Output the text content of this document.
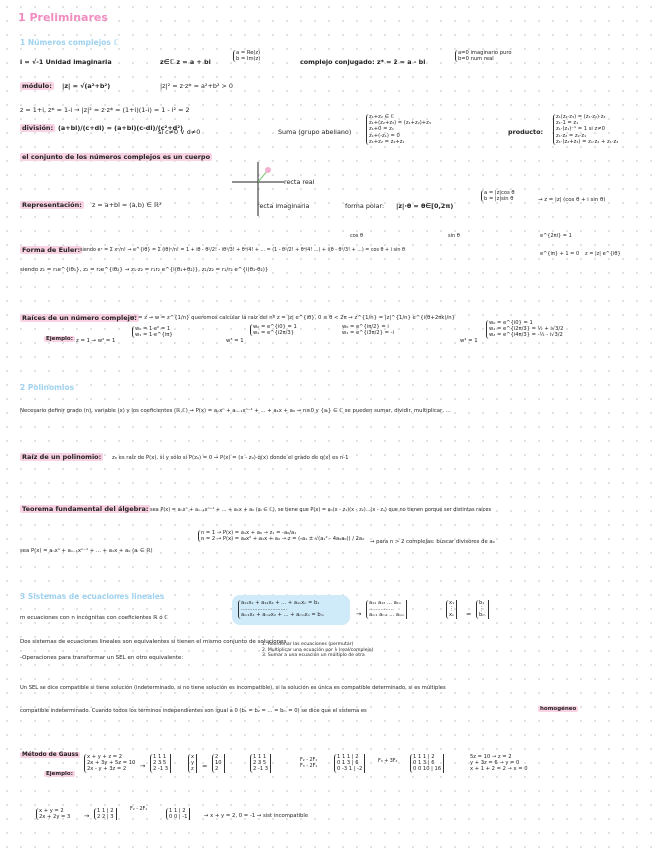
1 Preliminares
1 Números complejos ℂ
i = √-1 Unidad imaginaria	z∈ℂ z = a + bi
a = Re(z)
b = Im(z)	complejo conjugado: z* = z̄ = a - bi
a=0 imaginario puro
b=0 num real
módulo:	|z| = √(a²+b²)	|z|² = z·z* = a²+b² > 0
z = 1+i, z* = 1-i → |z|² = z·z* = (1+i)(1-i) = 1 - i² = 2
división: (a+bi)/(c+di) = (a+bi)(c-di)/(c²+d²)
si c≠0 ∨ d≠0	Suma (grupo abeliano)
z₁+z₂ ∈ ℂ
z₁+(z₂+z₃) = (z₁+z₂)+z₃
z₁+0 = z₁
z₁+(-z₁) = 0
z₁+z₂ = z₂+z₁
producto:
z₁(z₂·z₃) = (z₁·z₂)·z₃
z₁·1 = z₁
z₁·(z₁)⁻¹ = 1 si z≠0
z₁·z₂ = z₂·z₁
z₁·(z₂+z₃) = z₁·z₂ + z₁·z₃
el conjunto de los números complejos es un cuerpo
recta real
recta imaginaria
Representación:	z = a+bi = (a,b) ∈ ℝ²	forma polar: |z|·θ = θ∈[0,2π)
a = |z|cos θ
b = |z|sin θ	→ z = |z| (cos θ + i sin θ)
cos θ	sin θ
Forma de Euler: siendo eˣ = Σ xⁿ/n! → e^{iθ} = Σ (iθ)ⁿ/n! = 1 + iθ - θ²/2! - iθ³/3! + θ⁴/4! + ... = (1 - θ²/2! + θ⁴/4! ...) + i(θ - θ³/3! + ...) = cos θ + i sin θ
e^{2πi} = 1
e^{iπ} + 1 = 0 z = |z| e^{iθ}
siendo z₁ = r₁e^{iθ₁}, z₂ = r₂e^{iθ₂} → z₁·z₂ = r₁r₂ e^{i(θ₁+θ₂)}, z₁/z₂ = r₁/r₂ e^{i(θ₁-θ₂)}
Raíces de un número complejo:
wⁿ = z → w = z^{1/n} queremos calcular la raíz del nº z = |z| e^{iθ}, 0 ≤ θ < 2π → z^{1/n} = |z|^{1/n} e^{i(θ+2πk)/n}
Ejemplo: z = 1 → w² = 1
w₀ = 1·e⁰ = 1
w₁ = 1·e^{iπ}
w³ = 1
w₀ = e^{i0} = 1
w₁ = e^{i2π/3}
w₀ = e^{iπ/2} = i
w₁ = e^{i3π/2} = -i
w⁴ = 1
w₀ = e^{i0} = 1
w₁ = e^{i2π/3} = ½ + i√3/2
w₂ = e^{i4π/3} = -½ - i√3/2
2 Polinomios
Necesario definir grado (n), variable (x) y los coeficientes (ℝ,ℂ) → P(x) = aₙxⁿ + aₙ₋₁xⁿ⁻¹ + ... + a₁x + a₀ → n≥0 y {aᵢ} ∈ ℂ se pueden sumar, dividir, multiplicar, ...
Raíz de un polinomio:	z₀ es raíz de P(x), sí y solo sí P(z₀) = 0 → P(x) = (x - z₀)·q(x) donde el grado de q(x) es n-1
Teorema fundamental del álgebra: sea P(x) = aₙxⁿ + aₙ₋₁xⁿ⁻¹ + ... + a₁x + a₀ (aᵢ ∈ ℂ), se tiene que P(x) = aₙ(x - z₁)(x - z₂)...(x - zₙ) que no tienen porqué ser distintas raíces
sea P(x) = aₙxⁿ + aₙ₋₁xⁿ⁻¹ + ... + a₁x + a₀ (aᵢ ∈ ℝ)
n = 1 → P(x) = a₁x + a₀ → z₁ = -a₀/a₁
n = 2 → P(x) = a₂x² + a₁x + a₀ → z = (-a₁ ± √(a₁² - 4a₂a₀)) / 2a₂ → para n > 2 complejas: buscar divisores de a₀
3 Sistemas de ecuaciones lineales
m ecuaciones con n incógnitas con coeficientes ℝ ó ℂ
a₁₁x₁ + a₁₂x₂ + ... + a₁ₙxₙ = b₁
............................
aₘ₁x₁ + aₘ₂x₂ + ... + aₘₙxₙ = bₘ	→
a₁₁ a₁₂ ... a₁ₙ
...............
aₘ₁ aₘ₂ ... aₘₙ
x₁
⋮
xₙ =
b₁
⋮
bₘ
Dos sistemas de ecuaciones lineales son equivalentes si tienen el mismo conjunto de soluciones
-Operaciones para transformar un SEL en otro equivalente:
1. Reordenar las ecuaciones (permutar)
2. Multiplicar una ecuación por λ (real/complejo)
3. Sumar a una ecuación un múltiplo de otra
Un SEL se dice compatible si tiene solución (indeterminado, si no tiene solución es incompatible), si la solución es única es compatible determinado, si es múltiples
compatible indeterminado. Cuando todos los términos independientes son igual a 0 (b₁ = b₂ = ... = bₘ = 0) se dice que el sistema es	homogéneo
Método de Gauss
Ejemplo:
x + y + z = 2
2x + 3y + 5z = 10
2x - y + 3z = 2	→
1 1 1
2 3 5
2 -1 3
x
y
z =
2
10
2
F₂ - 2F₁
F₃ - 2F₁
1 1 1
2 3 5
2 -1 3
1 1 1 | 2
0 1 3 | 6
0 -3 1 | -2
F₃ + 3F₂
1 1 1 | 2
0 1 3 | 6
0 0 10 | 16
5z = 10 → z = 2
y + 3z = 6 → y = 0
x + 1 + 2 = 2 → x = 0
x + y = 2
2x + 2y = 3 →
1 1 | 2
2 2 | 3
F₂ - 2F₁	1 1 | 2
0 0 | -1	→ x + y = 2, 0 = -1 → sist incompatible
